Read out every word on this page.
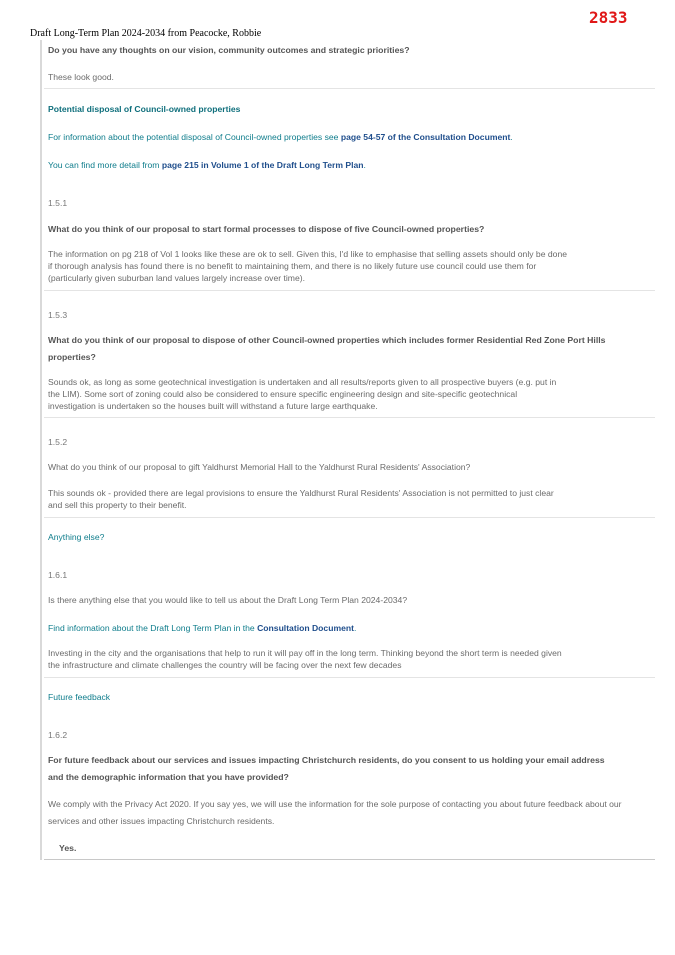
2833
Draft Long-Term Plan 2024-2034 from Peacocke, Robbie
Do you have any thoughts on our vision, community outcomes and strategic priorities?
These look good.
Potential disposal of Council-owned properties
For information about the potential disposal of Council-owned properties see page 54-57 of the Consultation Document.
You can find more detail from page 215 in Volume 1 of the Draft Long Term Plan.
1.5.1
What do you think of our proposal to start formal processes to dispose of five Council-owned properties?
The information on pg 218 of Vol 1 looks like these are ok to sell. Given this, I'd like to emphasise that selling assets should only be done
if thorough analysis has found there is no benefit to maintaining them, and there is no likely future use council could use them for
(particularly given suburban land values largely increase over time).
1.5.3
What do you think of our proposal to dispose of other Council-owned properties which includes former Residential Red Zone Port Hills
properties?
Sounds ok, as long as some geotechnical investigation is undertaken and all results/reports given to all prospective buyers (e.g. put in
the LIM). Some sort of zoning could also be considered to ensure specific engineering design and site-specific geotechnical
investigation is undertaken so the houses built will withstand a future large earthquake.
1.5.2
What do you think of our proposal to gift Yaldhurst Memorial Hall to the Yaldhurst Rural Residents' Association?
This sounds ok - provided there are legal provisions to ensure the Yaldhurst Rural Residents' Association is not permitted to just clear
and sell this property to their benefit.
Anything else?
1.6.1
Is there anything else that you would like to tell us about the Draft Long Term Plan 2024-2034?
Find information about the Draft Long Term Plan in the Consultation Document.
Investing in the city and the organisations that help to run it will pay off in the long term. Thinking beyond the short term is needed given
the infrastructure and climate challenges the country will be facing over the next few decades
Future feedback
1.6.2
For future feedback about our services and issues impacting Christchurch residents, do you consent to us holding your email address
and the demographic information that you have provided?
We comply with the Privacy Act 2020. If you say yes, we will use the information for the sole purpose of contacting you about future feedback about our
services and other issues impacting Christchurch residents.
Yes.
